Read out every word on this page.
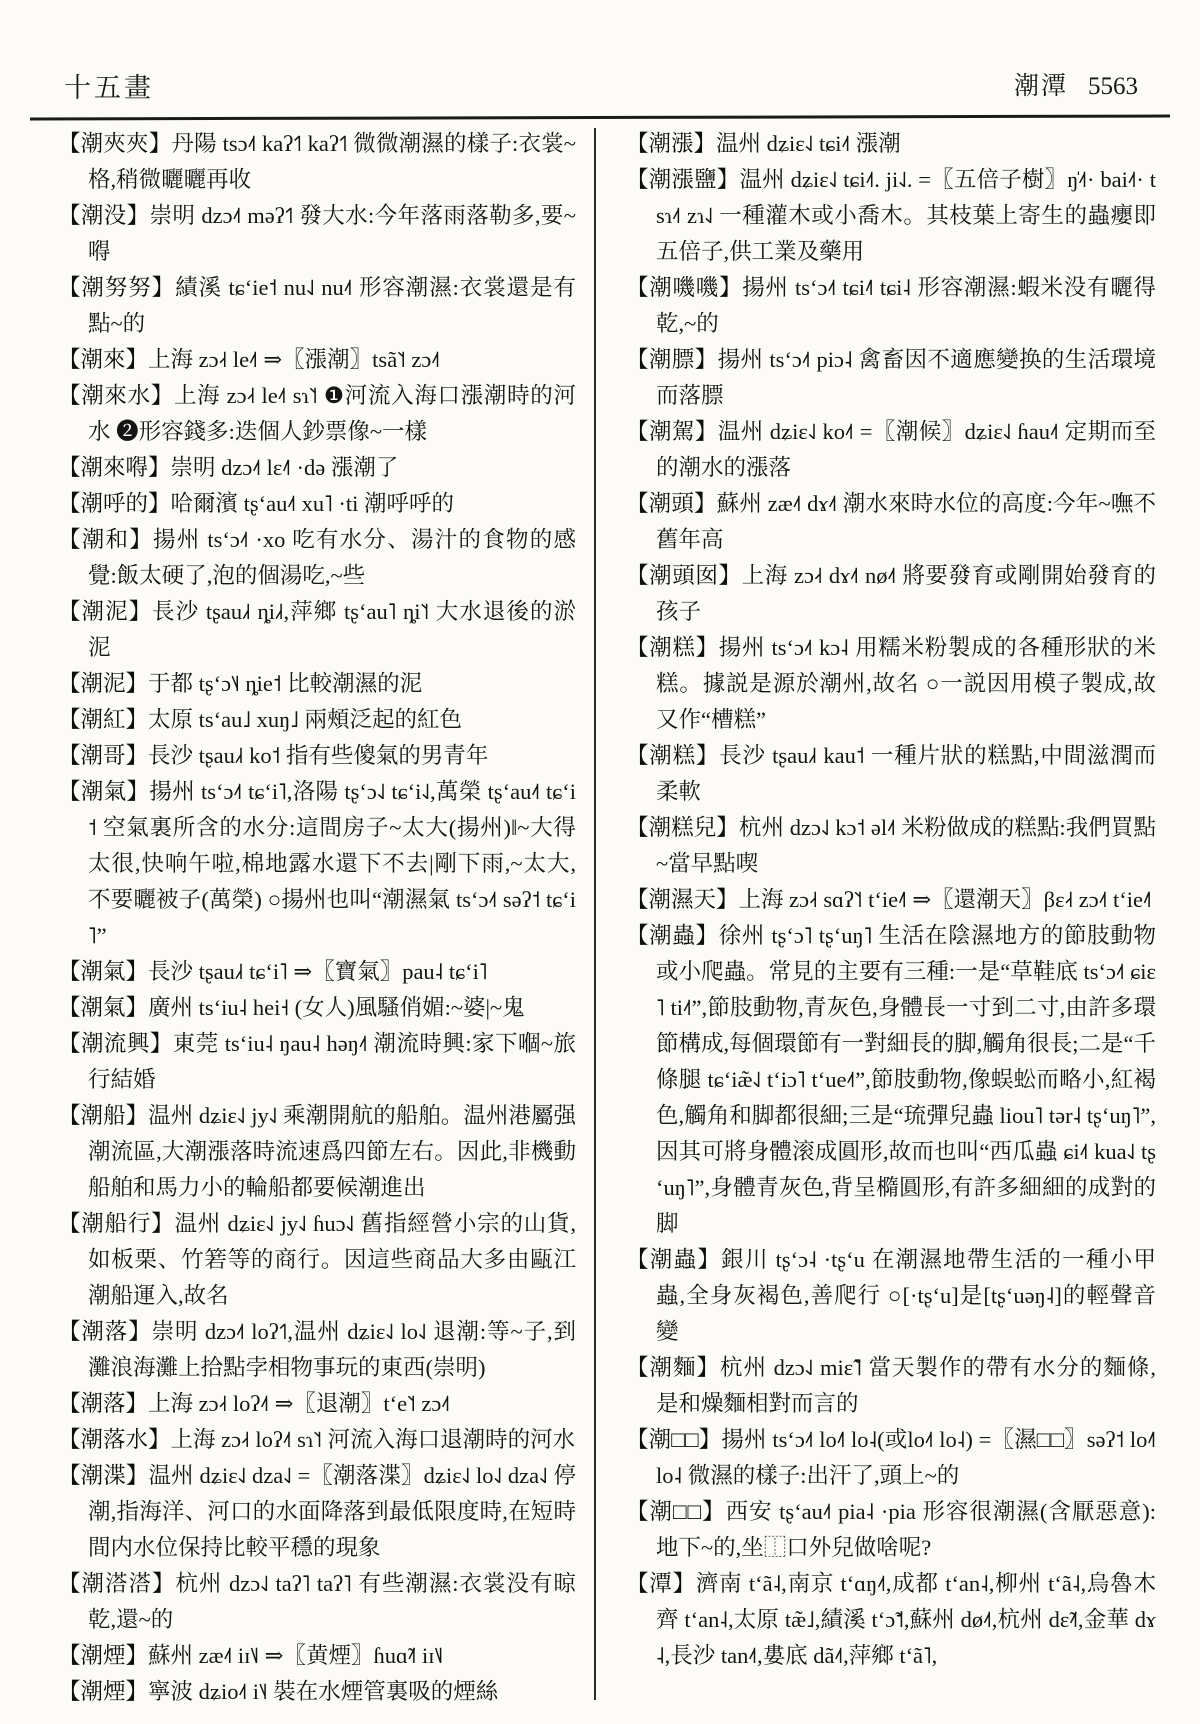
十五畫	潮潭 5563
【潮夾夾】丹陽 tsɔ˨˦ kaʔ˦˥ kaʔ˦˥ 微微潮濕的樣子:衣裳~格,稍微曬曬再收
【潮没】崇明 dzɔ˨˦ məʔ˦˥ 發大水:今年落雨落勒多,要~嘚
【潮努努】績溪 tɕʻie˦ nu˨˩ nu˨˦ 形容潮濕:衣裳還是有點~的
【潮來】上海 zɔ˨˧ le˨˦ ⇒〖漲潮〗tsã˥˦ zɔ˨˦
【潮來水】上海 zɔ˨˧ le˨˦ sɿ˥˦ ❶河流入海口漲潮時的河水 ❷形容錢多:迭個人鈔票像~一樣
【潮來嘚】崇明 dzɔ˨˦ lɛ˨˥ ·də 漲潮了
【潮呼的】哈爾濱 tʂʻau˨˦ xu˥ ·ti 潮呼呼的
【潮和】揚州 tsʻɔ˨˦ ·xo 吃有水分、湯汁的食物的感覺:飯太硬了,泡的個湯吃,~些
【潮泥】長沙 tʂau˩˧ ȵi˩˧,萍鄉 tʂʻau˥ ȵi˥˦ 大水退後的淤泥
【潮泥】于都 tʂʻɔ˥˨ ȵie˦ 比較潮濕的泥
【潮紅】太原 tsʻau˩ xuŋ˩ 兩頰泛起的紅色
【潮哥】長沙 tʂau˩˧ ko˦ 指有些傻氣的男青年
【潮氣】揚州 tsʻɔ˨˦ tɕʻi˥,洛陽 tʂʻɔ˨˩ tɕʻi˨˩,萬榮 tʂʻau˨˦ tɕʻi˦ 空氣裏所含的水分:這間房子~太大(揚州)‖~大得太很,快响午啦,棉地露水還下不去|剛下雨,~太大,不要曬被子(萬榮) ○揚州也叫“潮濕氣 tsʻɔ˨˦ səʔ˦ tɕʻi˥”
【潮氣】長沙 tʂau˩˧ tɕʻi˥ ⇒〖寶氣〗pau˨ tɕʻi˥
【潮氣】廣州 tsʻiu˨ hei˧ (女人)風騷俏媚:~婆|~鬼
【潮流興】東莞 tsʻiu˨ ŋau˨ həŋ˨˦ 潮流時興:家下嗰~旅行結婚
【潮船】温州 dʑiɛ˨˩ jy˨˩ 乘潮開航的船舶。温州港屬强潮流區,大潮漲落時流速爲四節左右。因此,非機動船舶和馬力小的輪船都要候潮進出
【潮船行】温州 dʑiɛ˨˩ jy˨˩ ɦuɔ˨˩ 舊指經營小宗的山貨,如板栗、竹箬等的商行。因這些商品大多由甌江潮船運入,故名
【潮落】崇明 dzɔ˨˦ loʔ˦˥,温州 dʑiɛ˨˩ lo˨˩ 退潮:等~子,到灘浪海灘上拾點孛相物事玩的東西(崇明)
【潮落】上海 zɔ˨˧ loʔ˨˦ ⇒〖退潮〗tʻe˥˦ zɔ˨˦
【潮落水】上海 zɔ˨˧ loʔ˨˦ sɿ˥˦ 河流入海口退潮時的河水
【潮渫】温州 dʑiɛ˨˩ dza˨˩ =〖潮落渫〗dʑiɛ˨˩ lo˨˩ dza˨˩ 停潮,指海洋、河口的水面降落到最低限度時,在短時間内水位保持比較平穩的現象
【潮溚溚】杭州 dzɔ˨˩ taʔ˥ taʔ˥ 有些潮濕:衣裳没有晾乾,還~的
【潮煙】蘇州 zæ˨˦ iɪ˥˩ ⇒〖黄煙〗ɦuɑ̃˨˦ iɪ˥˩
【潮煙】寧波 dʑio˨˦ i˥˨ 裝在水煙管裏吸的煙絲
【潮漲】温州 dʑiɛ˨˩ tɕi˨˦ 漲潮
【潮漲鹽】温州 dʑiɛ˨˩ tɕi˨˦. ji˨˩. =〖五倍子樹〗ŋ̍˨˦· bai˨˦· tsɿ˨˦ zɿ˨˩ 一種灌木或小喬木。其枝葉上寄生的蟲癭即五倍子,供工業及藥用
【潮嘰嘰】揚州 tsʻɔ˨˦ tɕi˨˥ tɕi˨ 形容潮濕:蝦米没有曬得乾,~的
【潮膘】揚州 tsʻɔ˨˦ piɔ˨ 禽畜因不適應變换的生活環境而落膘
【潮駕】温州 dʑiɛ˨˩ ko˨˦ =〖潮候〗dʑiɛ˨˩ ɦau˨˦ 定期而至的潮水的漲落
【潮頭】蘇州 zæ˨˦ dɤ˨˦ 潮水來時水位的高度:今年~嘸不舊年高
【潮頭囡】上海 zɔ˨˧ dɤ˨˦ nø˨˦ 將要發育或剛開始發育的孩子
【潮糕】揚州 tsʻɔ˨˦ kɔ˨ 用糯米粉製成的各種形狀的米糕。據説是源於潮州,故名 ○一説因用模子製成,故又作“槽糕”
【潮糕】長沙 tʂau˩˧ kau˦ 一種片狀的糕點,中間滋潤而柔軟
【潮糕兒】杭州 dzɔ˨˩ kɔ˦ əl˨˦ 米粉做成的糕點:我們買點~當早點喫
【潮濕天】上海 zɔ˨˧ sɑʔ˥˦ tʻie˨˥ ⇒〖還潮天〗βɛ˨˧ zɔ˨˦ tʻie˨˥
【潮蟲】徐州 tʂʻɔ˥ tʂʻuŋ˥ 生活在陰濕地方的節肢動物或小爬蟲。常見的主要有三種:一是“草鞋底 tsʻɔ˨˦ ɕiɛ˥ ti˨˦”,節肢動物,青灰色,身體長一寸到二寸,由許多環節構成,每個環節有一對細長的脚,觸角很長;二是“千條腿 tɕʻiæ̃˨˩ tʻiɔ˥ tʻue˨˦”,節肢動物,像蜈蚣而略小,紅褐色,觸角和脚都很細;三是“琉彈兒蟲 liou˥ tər˨ tʂʻuŋ˥”,因其可將身體滚成圓形,故而也叫“西瓜蟲 ɕi˨˦ kua˨˩ tʂʻuŋ˥”,身體青灰色,背呈橢圓形,有許多細細的成對的脚
【潮蟲】銀川 tʂʻɔ˨ ·tʂʻu 在潮濕地帶生活的一種小甲蟲,全身灰褐色,善爬行 ○[·tʂʻu]是[tʂʻuəŋ˨]的輕聲音變
【潮麵】杭州 dzɔ˨˩ miɛ̃˥ 當天製作的帶有水分的麵條,是和燥麵相對而言的
【潮□□】揚州 tsʻɔ˨˦ lo˨˥ lo˨(或lo˨˦ lo˨) =〖濕□□〗səʔ˦ lo˨˥ lo˨ 微濕的樣子:出汗了,頭上~的
【潮□□】西安 tʂʻau˨˦ pia˨ ·pia 形容很潮濕(含厭惡意):地下~的,坐⿰口外兒做啥呢?
【潭】濟南 tʻã˨,南京 tʻɑŋ˨˦,成都 tʻan˨,柳州 tʻã˨,烏魯木齊 tʻan˨,太原 tæ̃˩,績溪 tʻɔ̃˦,蘇州 dø˨˦,杭州 dɛ̃˨˦,金華 dɤ˨,長沙 tan˨˦,婁底 dã˨˦,萍鄉 tʻã˥,
